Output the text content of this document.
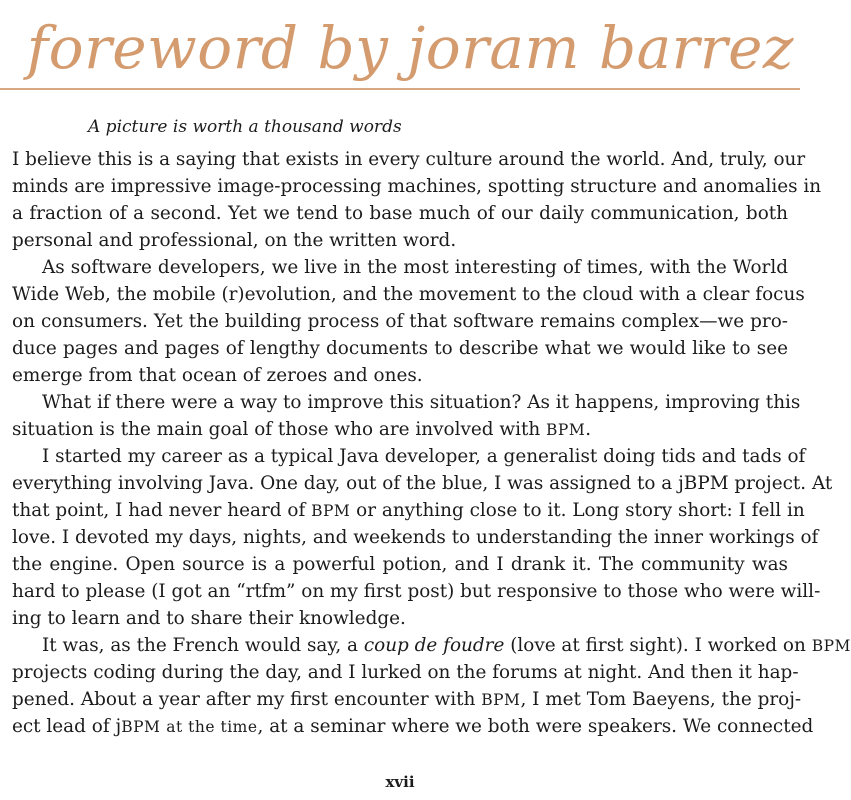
foreword by joram barrez

A picture is worth a thousand words

I believe this is a saying that exists in every culture around the world. And, truly, our
minds are impressive image-processing machines, spotting structure and anomalies in
a fraction of a second. Yet we tend to base much of our daily communication, both
personal and professional, on the written word.
As software developers, we live in the most interesting of times, with the World
Wide Web, the mobile (r)evolution, and the movement to the cloud with a clear focus
on consumers. Yet the building process of that software remains complex—we pro-
duce pages and pages of lengthy documents to describe what we would like to see
emerge from that ocean of zeroes and ones.
What if there were a way to improve this situation? As it happens, improving this
situation is the main goal of those who are involved with BPM.
I started my career as a typical Java developer, a generalist doing tids and tads of
everything involving Java. One day, out of the blue, I was assigned to a jBPM project. At
that point, I had never heard of BPM or anything close to it. Long story short: I fell in
love. I devoted my days, nights, and weekends to understanding the inner workings of
the engine. Open source is a powerful potion, and I drank it. The community was
hard to please (I got an “rtfm” on my first post) but responsive to those who were will-
ing to learn and to share their knowledge.
It was, as the French would say, a coup de foudre (love at first sight). I worked on BPM
projects coding during the day, and I lurked on the forums at night. And then it hap-
pened. About a year after my first encounter with BPM, I met Tom Baeyens, the proj-
ect lead of jBPM at the time, at a seminar where we both were speakers. We connected
xvii
